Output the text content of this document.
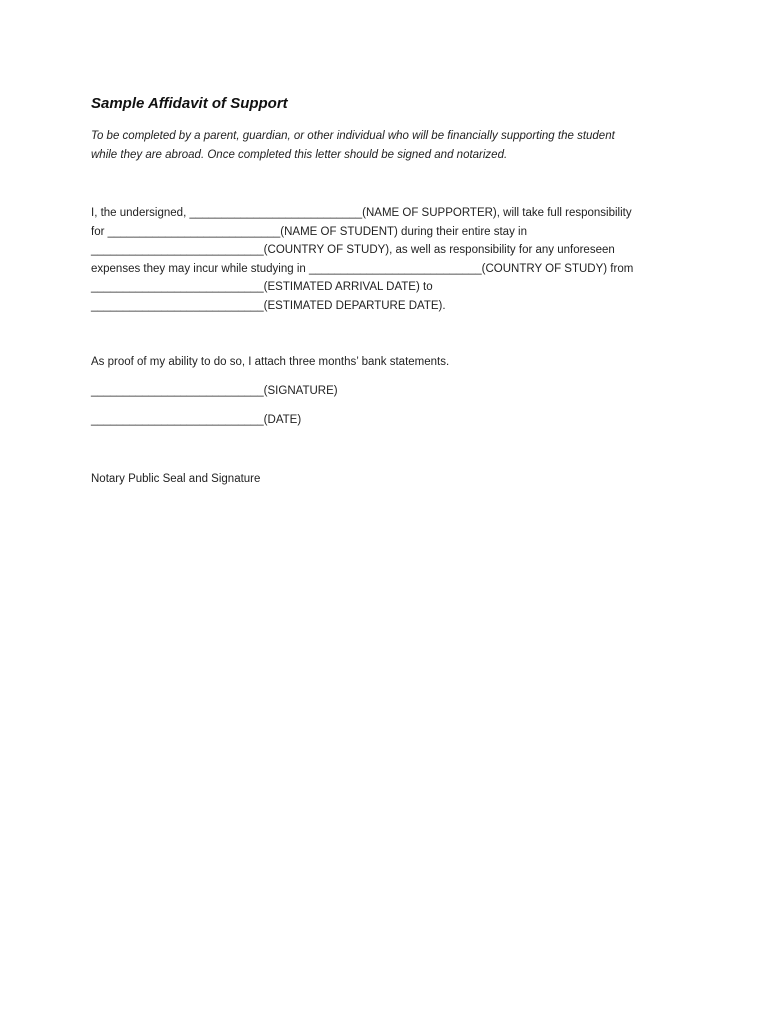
Sample Affidavit of Support
To be completed by a parent, guardian, or other individual who will be financially supporting the student
while they are abroad. Once completed this letter should be signed and notarized.
I, the undersigned, ___________________________(NAME OF SUPPORTER), will take full responsibility
for ___________________________(NAME OF STUDENT) during their entire stay in
___________________________(COUNTRY OF STUDY), as well as responsibility for any unforeseen
expenses they may incur while studying in ___________________________(COUNTRY OF STUDY) from
___________________________(ESTIMATED ARRIVAL DATE) to
___________________________(ESTIMATED DEPARTURE DATE).
As proof of my ability to do so, I attach three months’ bank statements.
___________________________(SIGNATURE)
___________________________(DATE)
Notary Public Seal and Signature
